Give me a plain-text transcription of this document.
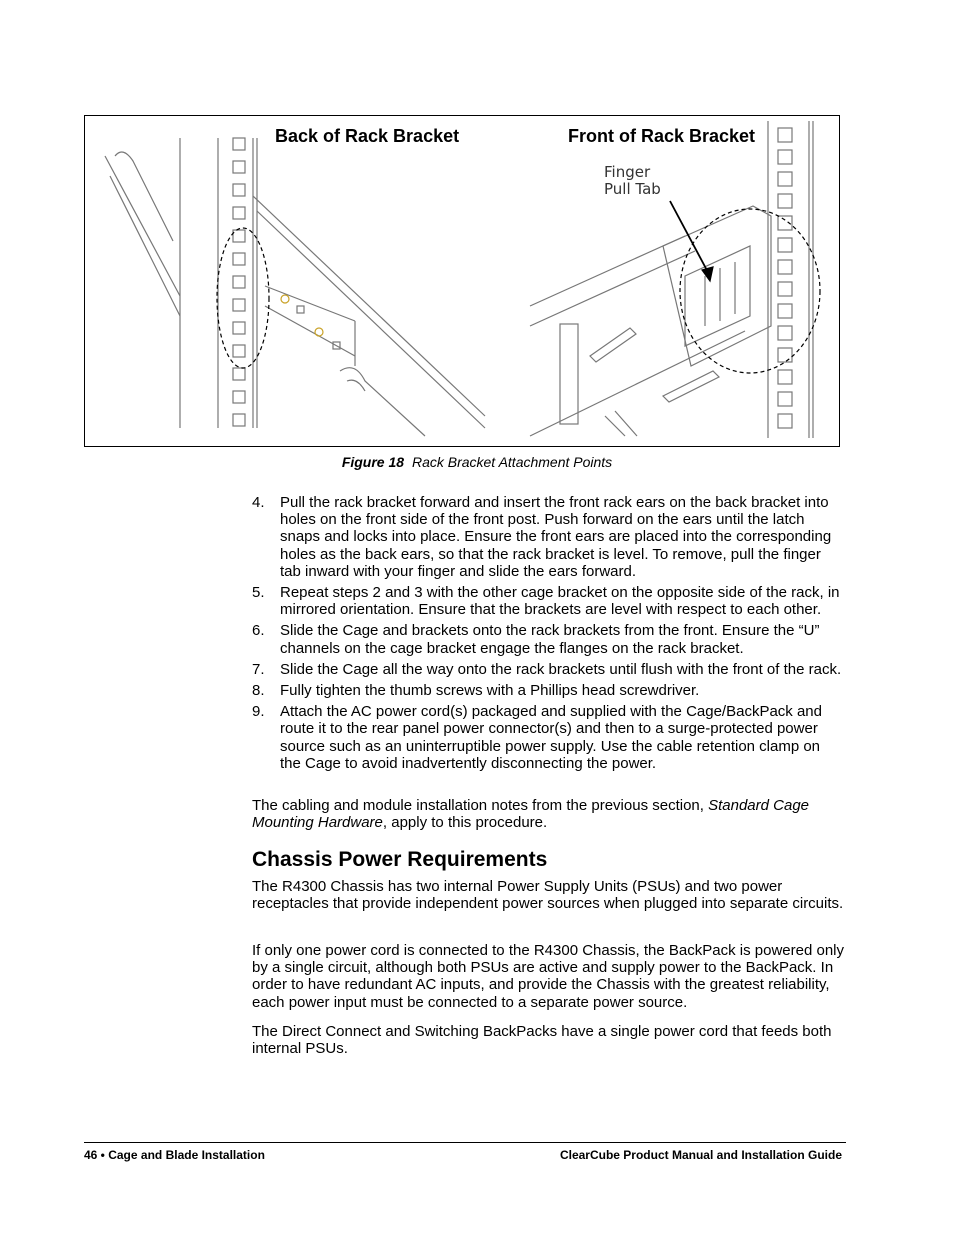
Back of Rack Bracket	Front of Rack Bracket
Finger
Pull Tab
Figure 18 Rack Bracket Attachment Points
4. Pull the rack bracket forward and insert the front rack ears on the back bracket into holes on the front side of the front post. Push forward on the ears until the latch snaps and locks into place. Ensure the front ears are placed into the corresponding holes as the back ears, so that the rack bracket is level. To remove, pull the finger tab inward with your finger and slide the ears forward.
5. Repeat steps 2 and 3 with the other cage bracket on the opposite side of the rack, in mirrored orientation. Ensure that the brackets are level with respect to each other.
6. Slide the Cage and brackets onto the rack brackets from the front. Ensure the “U” channels on the cage bracket engage the flanges on the rack bracket.
7. Slide the Cage all the way onto the rack brackets until flush with the front of the rack.
8. Fully tighten the thumb screws with a Phillips head screwdriver.
9. Attach the AC power cord(s) packaged and supplied with the Cage/BackPack and route it to the rear panel power connector(s) and then to a surge-protected power source such as an uninterruptible power supply. Use the cable retention clamp on the Cage to avoid inadvertently disconnecting the power.

The cabling and module installation notes from the previous section, Standard Cage Mounting Hardware, apply to this procedure.

Chassis Power Requirements

The R4300 Chassis has two internal Power Supply Units (PSUs) and two power receptacles that provide independent power sources when plugged into separate circuits.

If only one power cord is connected to the R4300 Chassis, the BackPack is powered only by a single circuit, although both PSUs are active and supply power to the BackPack. In order to have redundant AC inputs, and provide the Chassis with the greatest reliability, each power input must be connected to a separate power source.

The Direct Connect and Switching BackPacks have a single power cord that feeds both internal PSUs.

46 • Cage and Blade Installation	ClearCube Product Manual and Installation Guide
